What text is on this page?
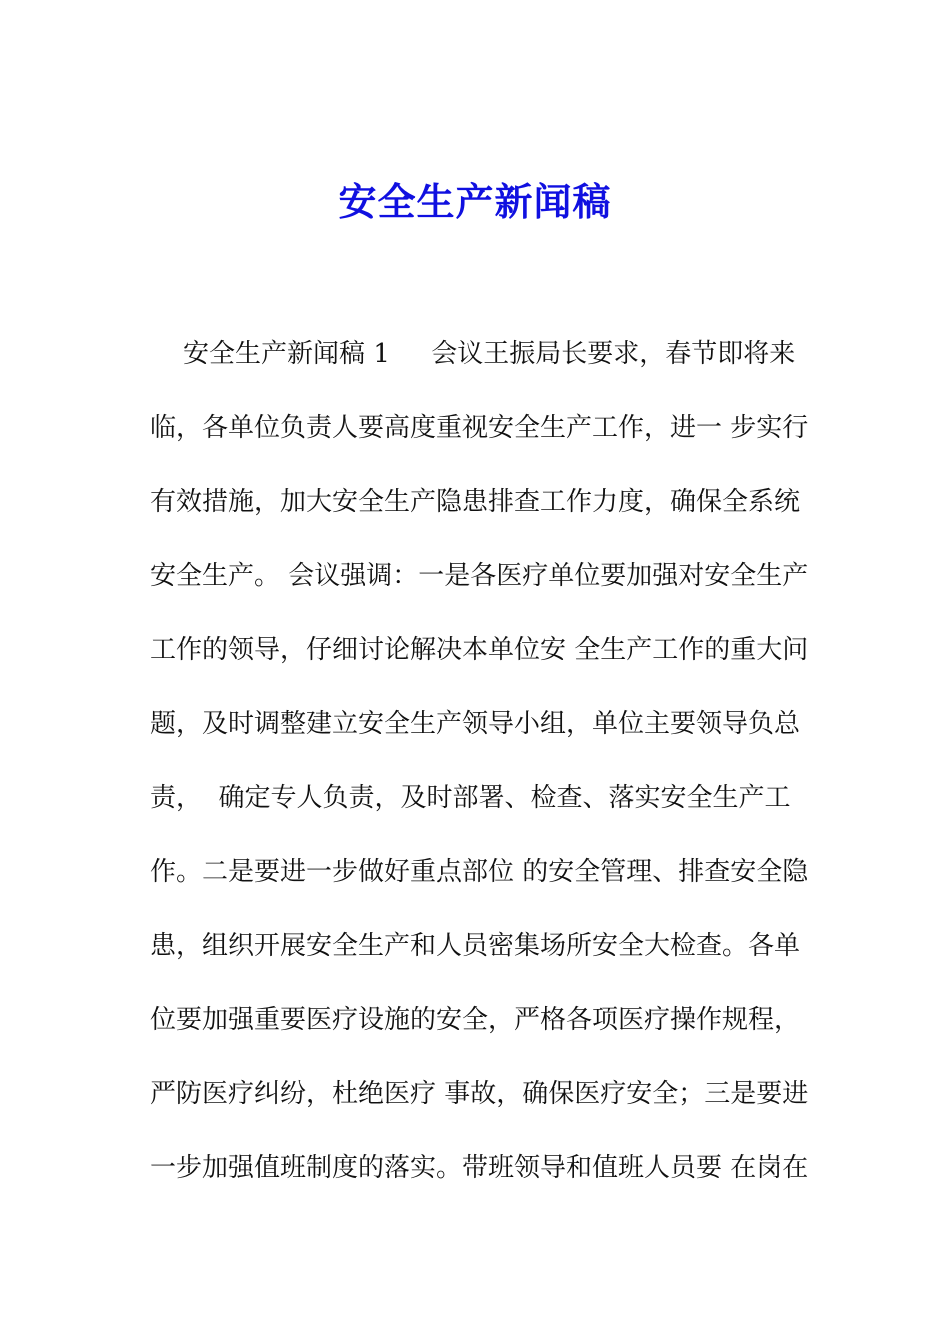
安全生产新闻稿
安全生产新闻稿 1     会议王振局长要求，春节即将来
临，各单位负责人要高度重视安全生产工作，进一 步实行
有效措施，加大安全生产隐患排查工作力度，确保全系统
安全生产。 会议强调：一是各医疗单位要加强对安全生产
工作的领导，仔细讨论解决本单位安 全生产工作的重大问
题，及时调整建立安全生产领导小组，单位主要领导负总
责，  确定专人负责，及时部署、检查、落实安全生产工
作。二是要进一步做好重点部位 的安全管理、排查安全隐
患，组织开展安全生产和人员密集场所安全大检查。各单
位要加强重要医疗设施的安全，严格各项医疗操作规程，
严防医疗纠纷，杜绝医疗 事故，确保医疗安全；三是要进
一步加强值班制度的落实。带班领导和值班人员要 在岗在
